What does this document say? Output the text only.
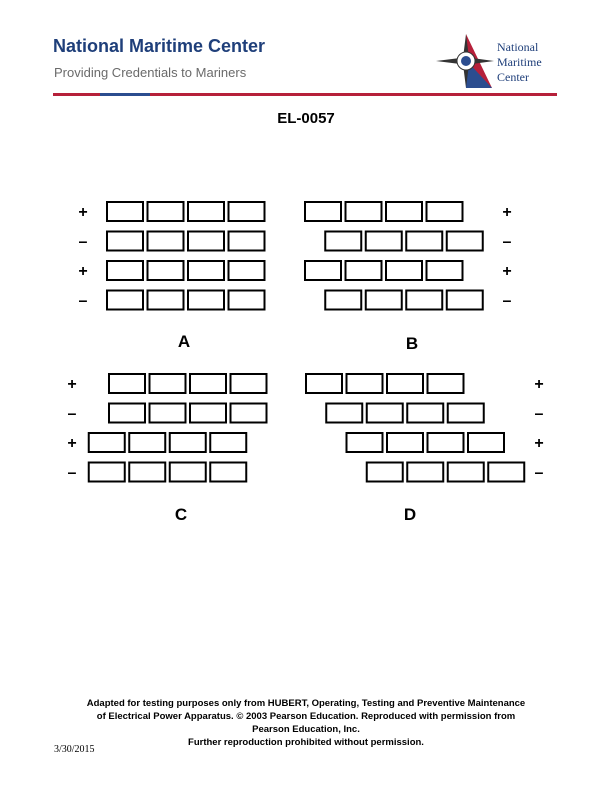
National Maritime Center
Providing Credentials to Mariners
National
Maritime
Center
EL-0057
+
–
+
–
A
+
–
+
–
B
+
–
+
–
C
+
–
+
–
D
Adapted for testing purposes only from HUBERT, Operating, Testing and Preventive Maintenance
of Electrical Power Apparatus. © 2003 Pearson Education. Reproduced with permission from
Pearson Education, Inc.
Further reproduction prohibited without permission.
3/30/2015
